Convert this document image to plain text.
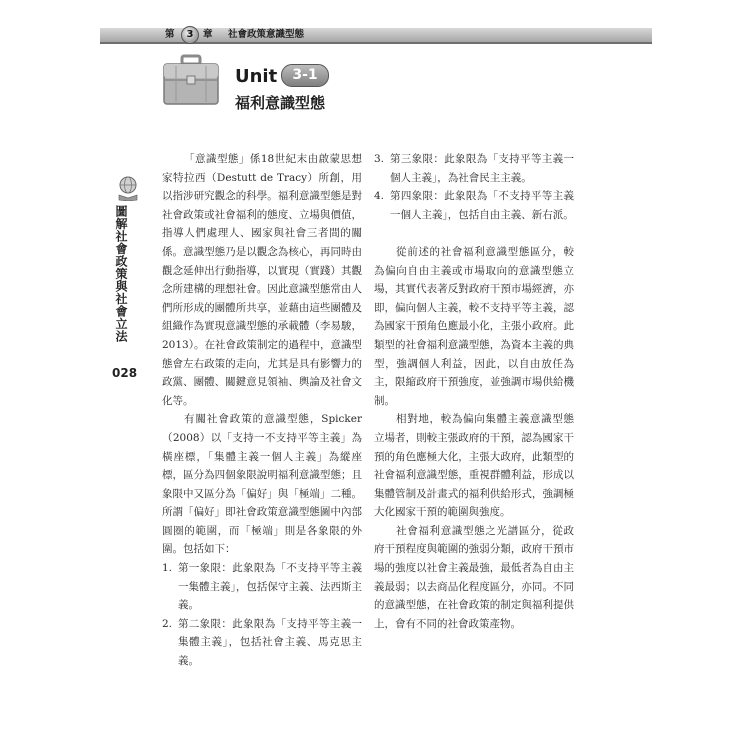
第	3	章 社會政策意識型態
Unit	3-1
福利意識型態
圖解社會政策與社會立法
028

「意識型態」係18世紀末由啟蒙思想家特拉西（Destutt de Tracy）所創，用以指涉研究觀念的科學。福利意識型態是對社會政策或社會福利的態度、立場與價值，指導人們處理人、國家與社會三者間的關係。意識型態乃是以觀念為核心，再同時由觀念延伸出行動指導，以實現（實踐）其觀念所建構的理想社會。因此意識型態常由人們所形成的團體所共享，並藉由這些團體及組織作為實現意識型態的承載體（李易駿，2013）。在社會政策制定的過程中，意識型態會左右政策的走向，尤其是具有影響力的政黨、團體、關鍵意見領袖、輿論及社會文化等。

有關社會政策的意識型態，Spicker（2008）以「支持一不支持平等主義」為橫座標，「集體主義一個人主義」為縱座標，區分為四個象限說明福利意識型態；且象限中又區分為「偏好」與「極端」二種。所謂「偏好」即社會政策意識型態圖中內部圓圈的範圍，而「極端」則是各象限的外圍。包括如下：

1. 第一象限：此象限為「不支持平等主義一集體主義」，包括保守主義、法西斯主義。
2. 第二象限：此象限為「支持平等主義一集體主義」，包括社會主義、馬克思主義。
3. 第三象限：此象限為「支持平等主義一個人主義」，為社會民主主義。
4. 第四象限：此象限為「不支持平等主義一個人主義」，包括自由主義、新右派。

從前述的社會福利意識型態區分，較為偏向自由主義或市場取向的意識型態立場，其實代表著反對政府干預市場經濟，亦即，偏向個人主義，較不支持平等主義，認為國家干預角色應最小化，主張小政府。此類型的社會福利意識型態，為資本主義的典型，強調個人利益，因此，以自由放任為主，限縮政府干預強度，並強調市場供給機制。

相對地，較為偏向集體主義意識型態立場者，則較主張政府的干預，認為國家干預的角色應極大化，主張大政府，此類型的社會福利意識型態，重視群體利益，形成以集體管制及計畫式的福利供給形式，強調極大化國家干預的範圍與強度。

社會福利意識型態之光譜區分，從政府干預程度與範圍的強弱分類，政府干預市場的強度以社會主義最強，最低者為自由主義最弱；以去商品化程度區分，亦同。不同的意識型態，在社會政策的制定與福利提供上，會有不同的社會政策產物。
